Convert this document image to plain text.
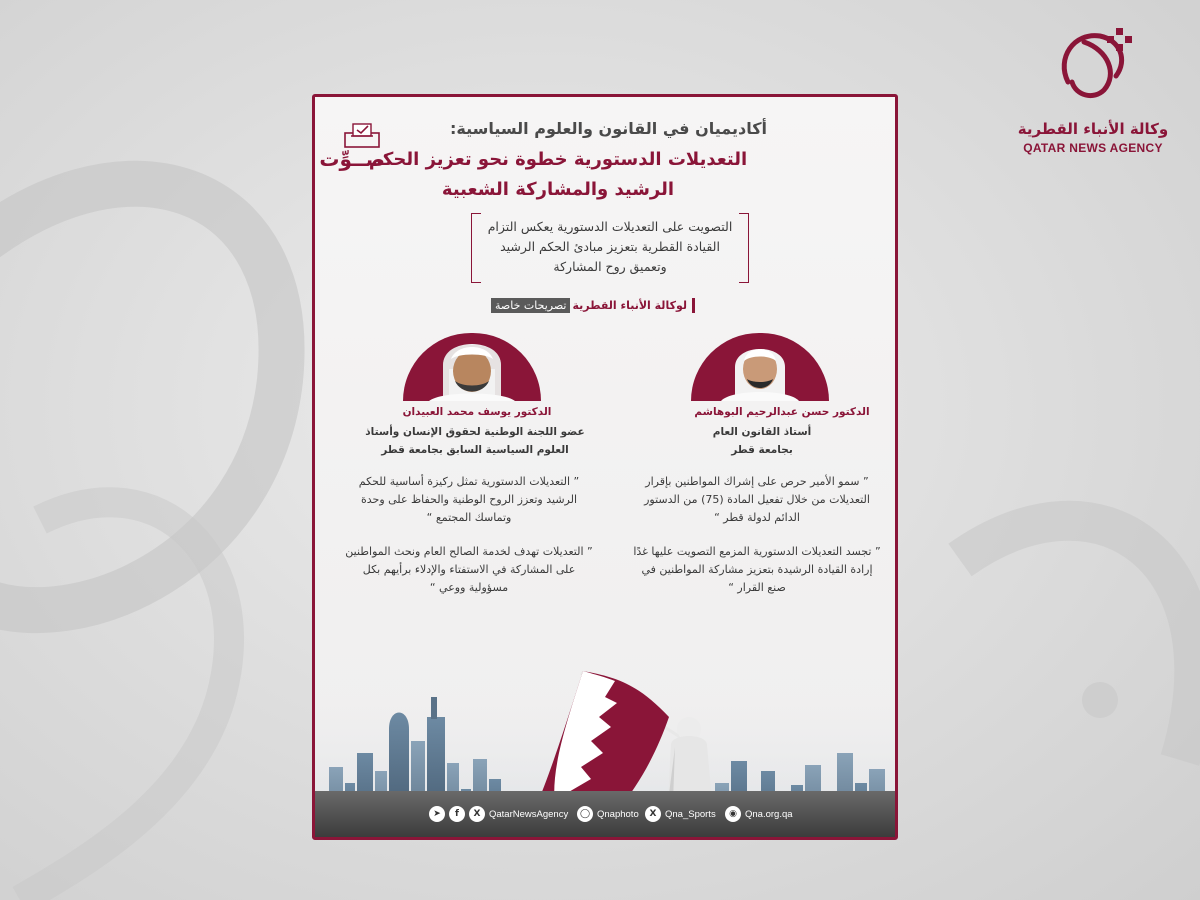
وكالة الأنباء القطرية
QATAR NEWS AGENCY
أكاديميان في القانون والعلوم السياسية:
التعديلات الدستورية خطوة نحو تعزيز الحكم الرشيد والمشاركة الشعبية
صــوِّت
التصويت على التعديلات الدستورية يعكس التزام القيادة القطرية بتعزيز مبادئ الحكم الرشيد وتعميق روح المشاركة
لوكالة الأنباء القطرية
تصريحات خاصة
الدكتور حسن عبدالرحيم البوهاشم
أستاذ القانون العام بجامعة قطر
الدكتور يوسف محمد العبيدان
عضو اللجنة الوطنية لحقوق الإنسان وأستاذ العلوم السياسية السابق بجامعة قطر
” سمو الأمير حرص على إشراك المواطنين بإقرار التعديلات من خلال تفعيل المادة (75) من الدستور الدائم لدولة قطر “
” تجسد التعديلات الدستورية المزمع التصويت عليها غدًا إرادة القيادة الرشيدة بتعزيز مشاركة المواطنين في صنع القرار “
” التعديلات الدستورية تمثل ركيزة أساسية للحكم الرشيد وتعزز الروح الوطنية والحفاظ على وحدة وتماسك المجتمع “
” التعديلات تهدف لخدمة الصالح العام ونحث المواطنين على المشاركة في الاستفتاء والإدلاء برأيهم بكل مسؤولية ووعي “
➤	f	X QatarNewsAgency	◯ Qnaphoto	X Qna_Sports	◉ Qna.org.qa
